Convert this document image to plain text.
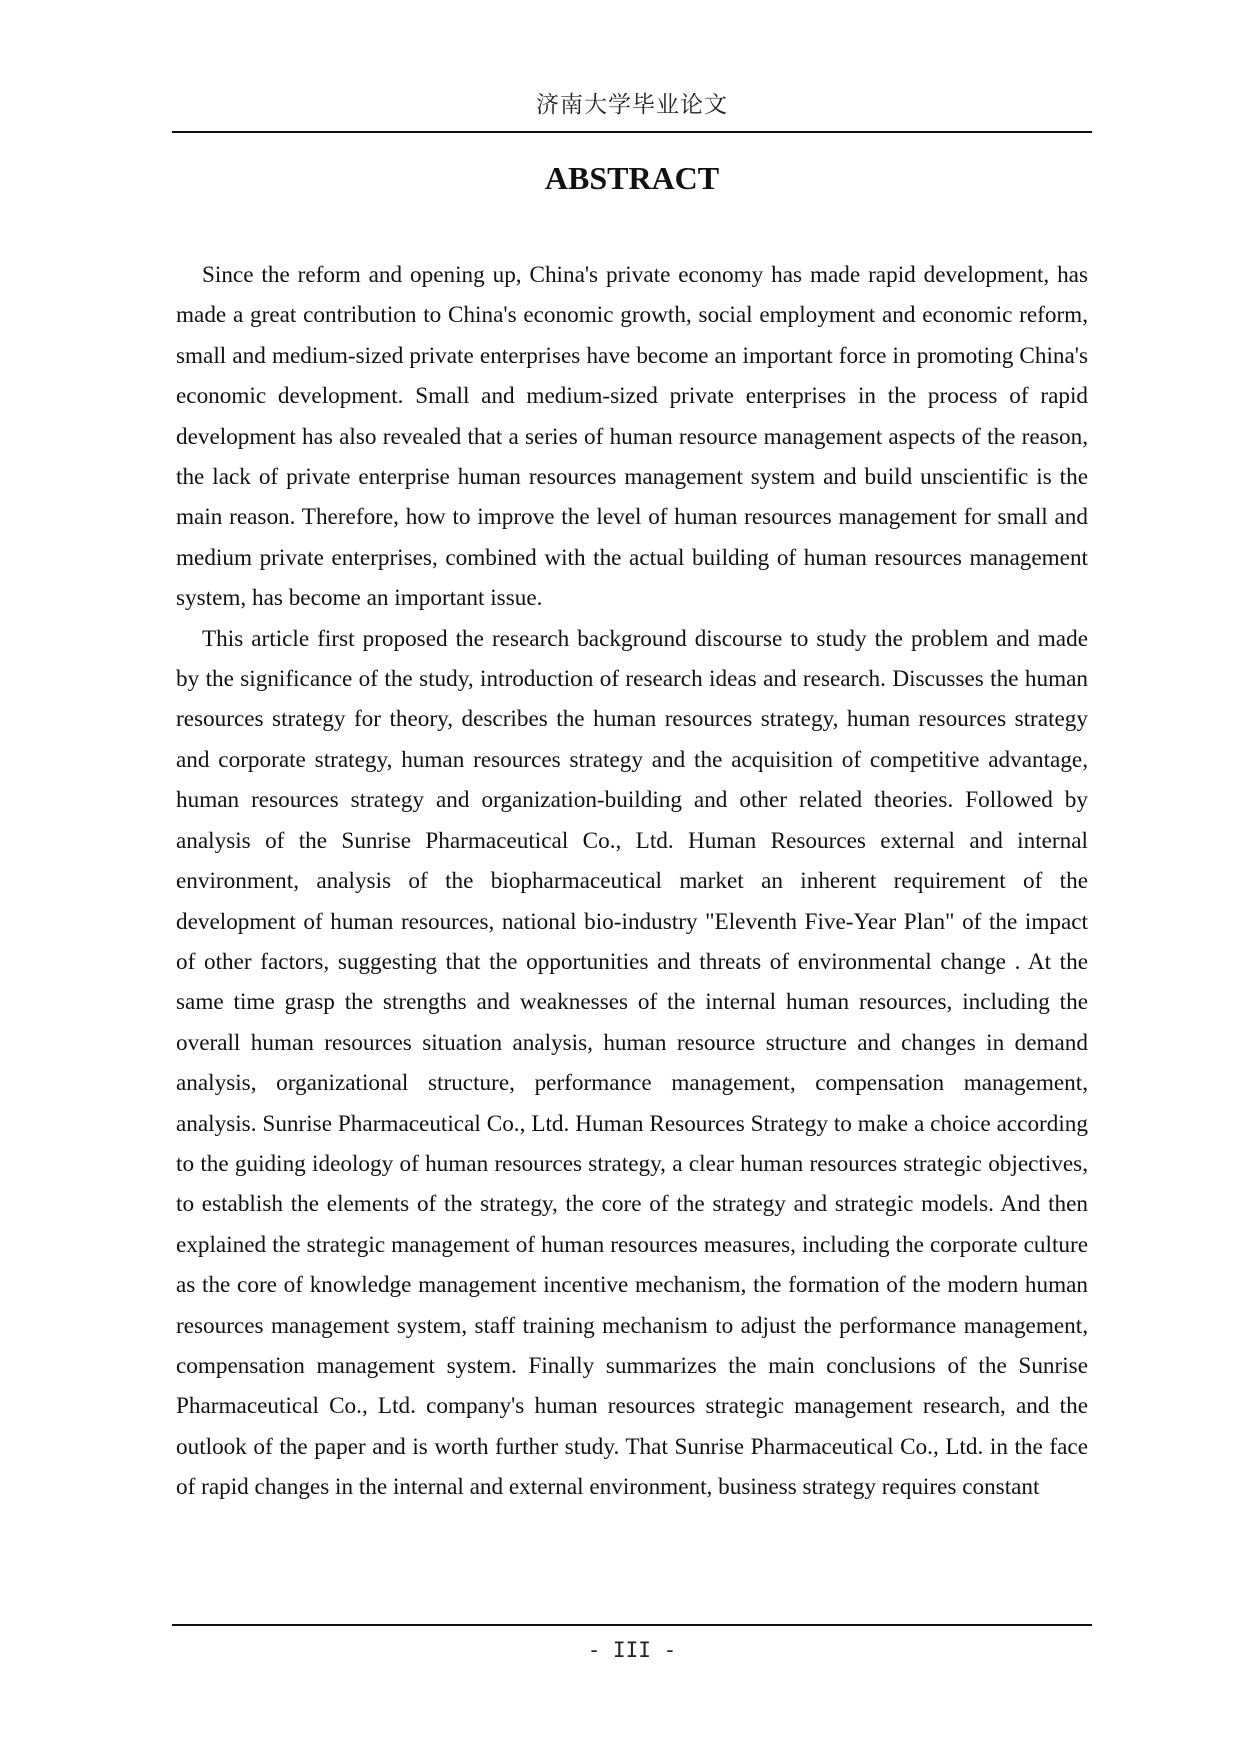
济南大学毕业论文
ABSTRACT

Since the reform and opening up, China's private economy has made rapid development, has made a great contribution to China's economic growth, social employment and economic reform, small and medium-sized private enterprises have become an important force in promoting China's economic development. Small and medium-sized private enterprises in the process of rapid development has also revealed that a series of human resource management aspects of the reason, the lack of private enterprise human resources management system and build unscientific is the main reason. Therefore, how to improve the level of human resources management for small and medium private enterprises, combined with the actual building of human resources management system, has become an important issue.

This article first proposed the research background discourse to study the problem and made by the significance of the study, introduction of research ideas and research. Discusses the human resources strategy for theory, describes the human resources strategy, human resources strategy and corporate strategy, human resources strategy and the acquisition of competitive advantage, human resources strategy and organization-building and other related theories. Followed by analysis of the Sunrise Pharmaceutical Co., Ltd. Human Resources external and internal environment, analysis of the biopharmaceutical market an inherent requirement of the development of human resources, national bio-industry "Eleventh Five-Year Plan" of the impact of other factors, suggesting that the opportunities and threats of environmental change . At the same time grasp the strengths and weaknesses of the internal human resources, including the overall human resources situation analysis, human resource structure and changes in demand analysis, organizational structure, performance management, compensation management, analysis. Sunrise Pharmaceutical Co., Ltd. Human Resources Strategy to make a choice according to the guiding ideology of human resources strategy, a clear human resources strategic objectives, to establish the elements of the strategy, the core of the strategy and strategic models. And then explained the strategic management of human resources measures, including the corporate culture as the core of knowledge management incentive mechanism, the formation of the modern human resources management system, staff training mechanism to adjust the performance management, compensation management system. Finally summarizes the main conclusions of the Sunrise Pharmaceutical Co., Ltd. company's human resources strategic management research, and the outlook of the paper and is worth further study. That Sunrise Pharmaceutical Co., Ltd. in the face of rapid changes in the internal and external environment, business strategy requires constant

- III -
